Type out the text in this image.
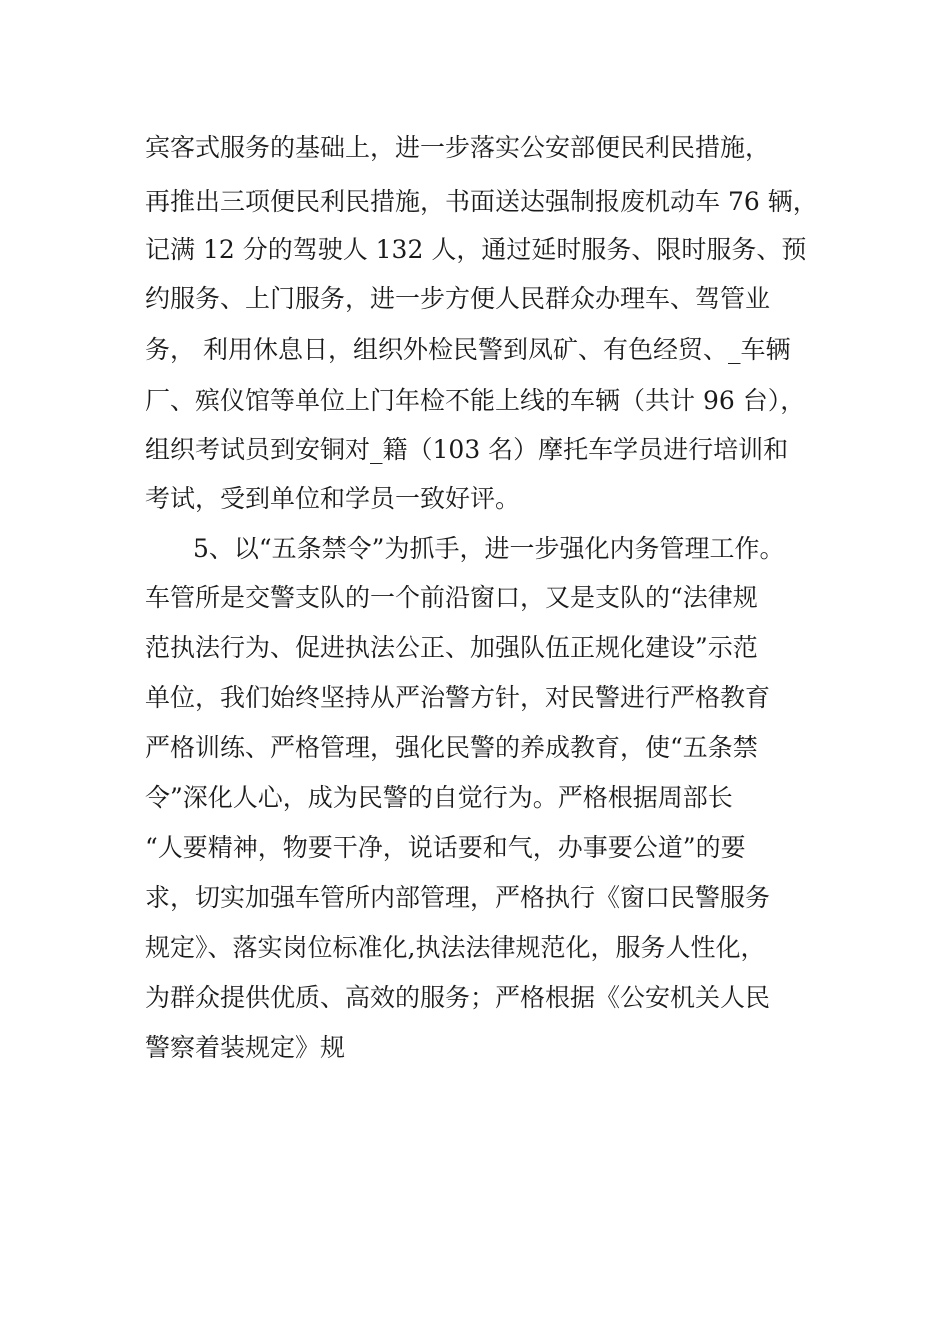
宾客式服务的基础上，进一步落实公安部便民利民措施，
再推出三项便民利民措施，书面送达强制报废机动车 76 辆，
记满 12 分的驾驶人 132 人，通过延时服务、限时服务、预
约服务、上门服务，进一步方便人民群众办理车、驾管业
务， 利用休息日，组织外检民警到凤矿、有色经贸、_车辆
厂、殡仪馆等单位上门年检不能上线的车辆（共计 96 台），
组织考试员到安铜对_籍（103 名）摩托车学员进行培训和
考试，受到单位和学员一致好评。
5、以“五条禁令”为抓手，进一步强化内务管理工作。
车管所是交警支队的一个前沿窗口，又是支队的“法律规
范执法行为、促进执法公正、加强队伍正规化建设”示范
单位，我们始终坚持从严治警方针，对民警进行严格教育
严格训练、严格管理，强化民警的养成教育，使“五条禁
令”深化人心，成为民警的自觉行为。严格根据周部长
“人要精神，物要干净，说话要和气，办事要公道”的要
求，切实加强车管所内部管理，严格执行《窗口民警服务
规定》、落实岗位标准化,执法法律规范化，服务人性化，
为群众提供优质、高效的服务；严格根据《公安机关人民
警察着装规定》规
